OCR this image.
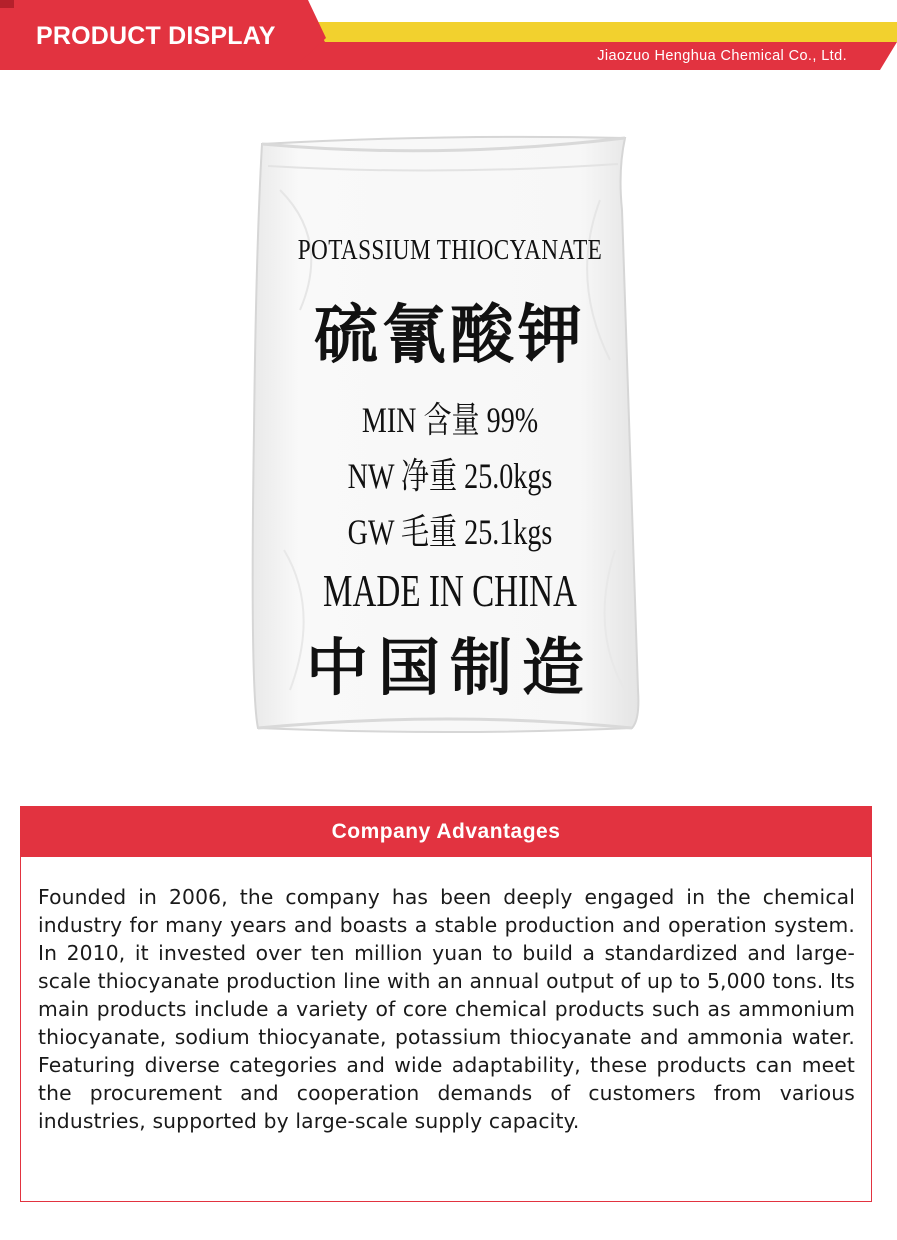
PRODUCT DISPLAY
Jiaozuo Henghua Chemical Co., Ltd.
POTASSIUM THIOCYANATE
硫氰酸钾
MIN 含量 99%
NW 净重 25.0kgs
GW 毛重 25.1kgs
MADE IN CHINA
中国制造
Company Advantages

Founded in 2006, the company has been deeply engaged in the chemical industry for many years and boasts a stable production and operation system. In 2010, it invested over ten million yuan to build a standardized and large-scale thiocyanate production line with an annual output of up to 5,000 tons. Its main products include a variety of core chemical products such as ammonium thiocyanate, sodium thiocyanate, potassium thiocyanate and ammonia water. Featuring diverse categories and wide adaptability, these products can meet the procurement and cooperation demands of customers from various industries, supported by large-scale supply capacity.
